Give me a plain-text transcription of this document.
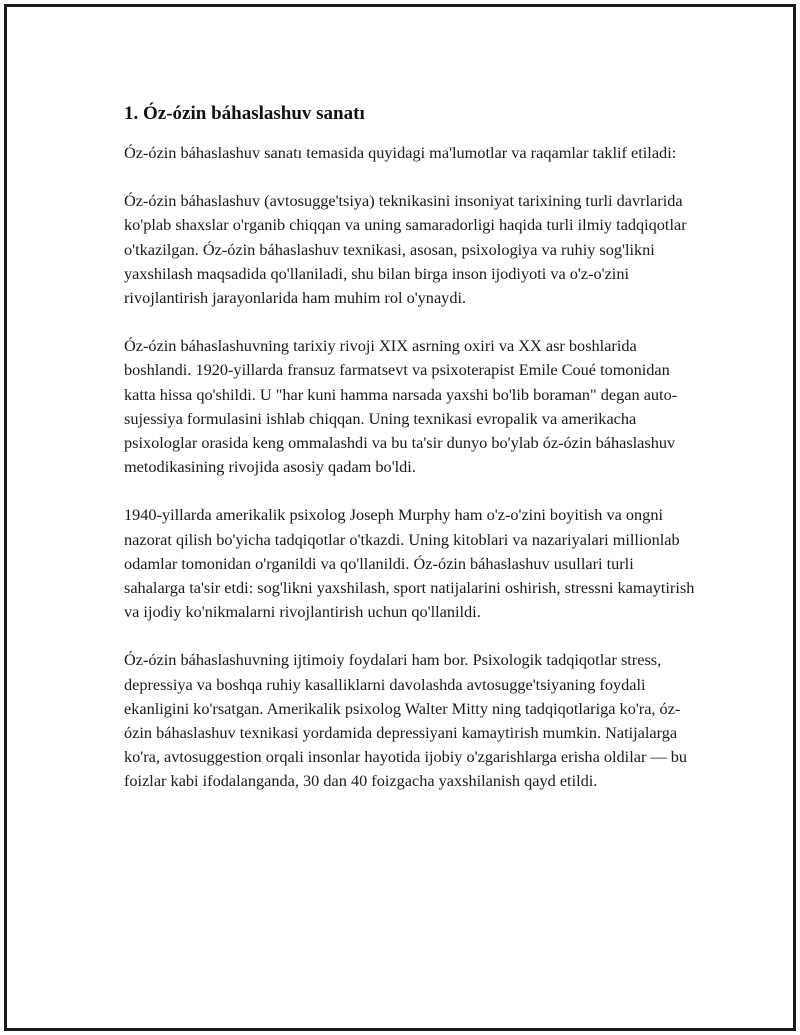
1. Óz-ózin báhaslashuv sanatı

Óz-ózin báhaslashuv sanatı temasida quyidagi ma'lumotlar va raqamlar taklif etiladi:

Óz-ózin báhaslashuv (avtosugge'tsiya) teknikasini insoniyat tarixining turli davrlarida ko'plab shaxslar o'rganib chiqqan va uning samaradorligi haqida turli ilmiy tadqiqotlar o'tkazilgan. Óz-ózin báhaslashuv texnikasi, asosan, psixologiya va ruhiy sog'likni yaxshilash maqsadida qo'llaniladi, shu bilan birga inson ijodiyoti va o'z-o'zini rivojlantirish jarayonlarida ham muhim rol o'ynaydi.

Óz-ózin báhaslashuvning tarixiy rivoji XIX asrning oxiri va XX asr boshlarida boshlandi. 1920-yillarda fransuz farmatsevt va psixoterapist Emile Coué tomonidan katta hissa qo'shildi. U "har kuni hamma narsada yaxshi bo'lib boraman" degan auto-sujessiya formulasini ishlab chiqqan. Uning texnikasi evropalik va amerikacha psixologlar orasida keng ommalashdi va bu ta'sir dunyo bo'ylab óz-ózin báhaslashuv metodikasining rivojida asosiy qadam bo'ldi.

1940-yillarda amerikalik psixolog Joseph Murphy ham o'z-o'zini boyitish va ongni nazorat qilish bo'yicha tadqiqotlar o'tkazdi. Uning kitoblari va nazariyalari millionlab odamlar tomonidan o'rganildi va qo'llanildi. Óz-ózin báhaslashuv usullari turli sahalarga ta'sir etdi: sog'likni yaxshilash, sport natijalarini oshirish, stressni kamaytirish va ijodiy ko'nikmalarni rivojlantirish uchun qo'llanildi.

Óz-ózin báhaslashuvning ijtimoiy foydalari ham bor. Psixologik tadqiqotlar stress, depressiya va boshqa ruhiy kasalliklarni davolashda avtosugge'tsiyaning foydali ekanligini ko'rsatgan. Amerikalik psixolog Walter Mitty ning tadqiqotlariga ko'ra, óz-ózin báhaslashuv texnikasi yordamida depressiyani kamaytirish mumkin. Natijalarga ko'ra, avtosuggestion orqali insonlar hayotida ijobiy o'zgarishlarga erisha oldilar — bu foizlar kabi ifodalanganda, 30 dan 40 foizgacha yaxshilanish qayd etildi.
